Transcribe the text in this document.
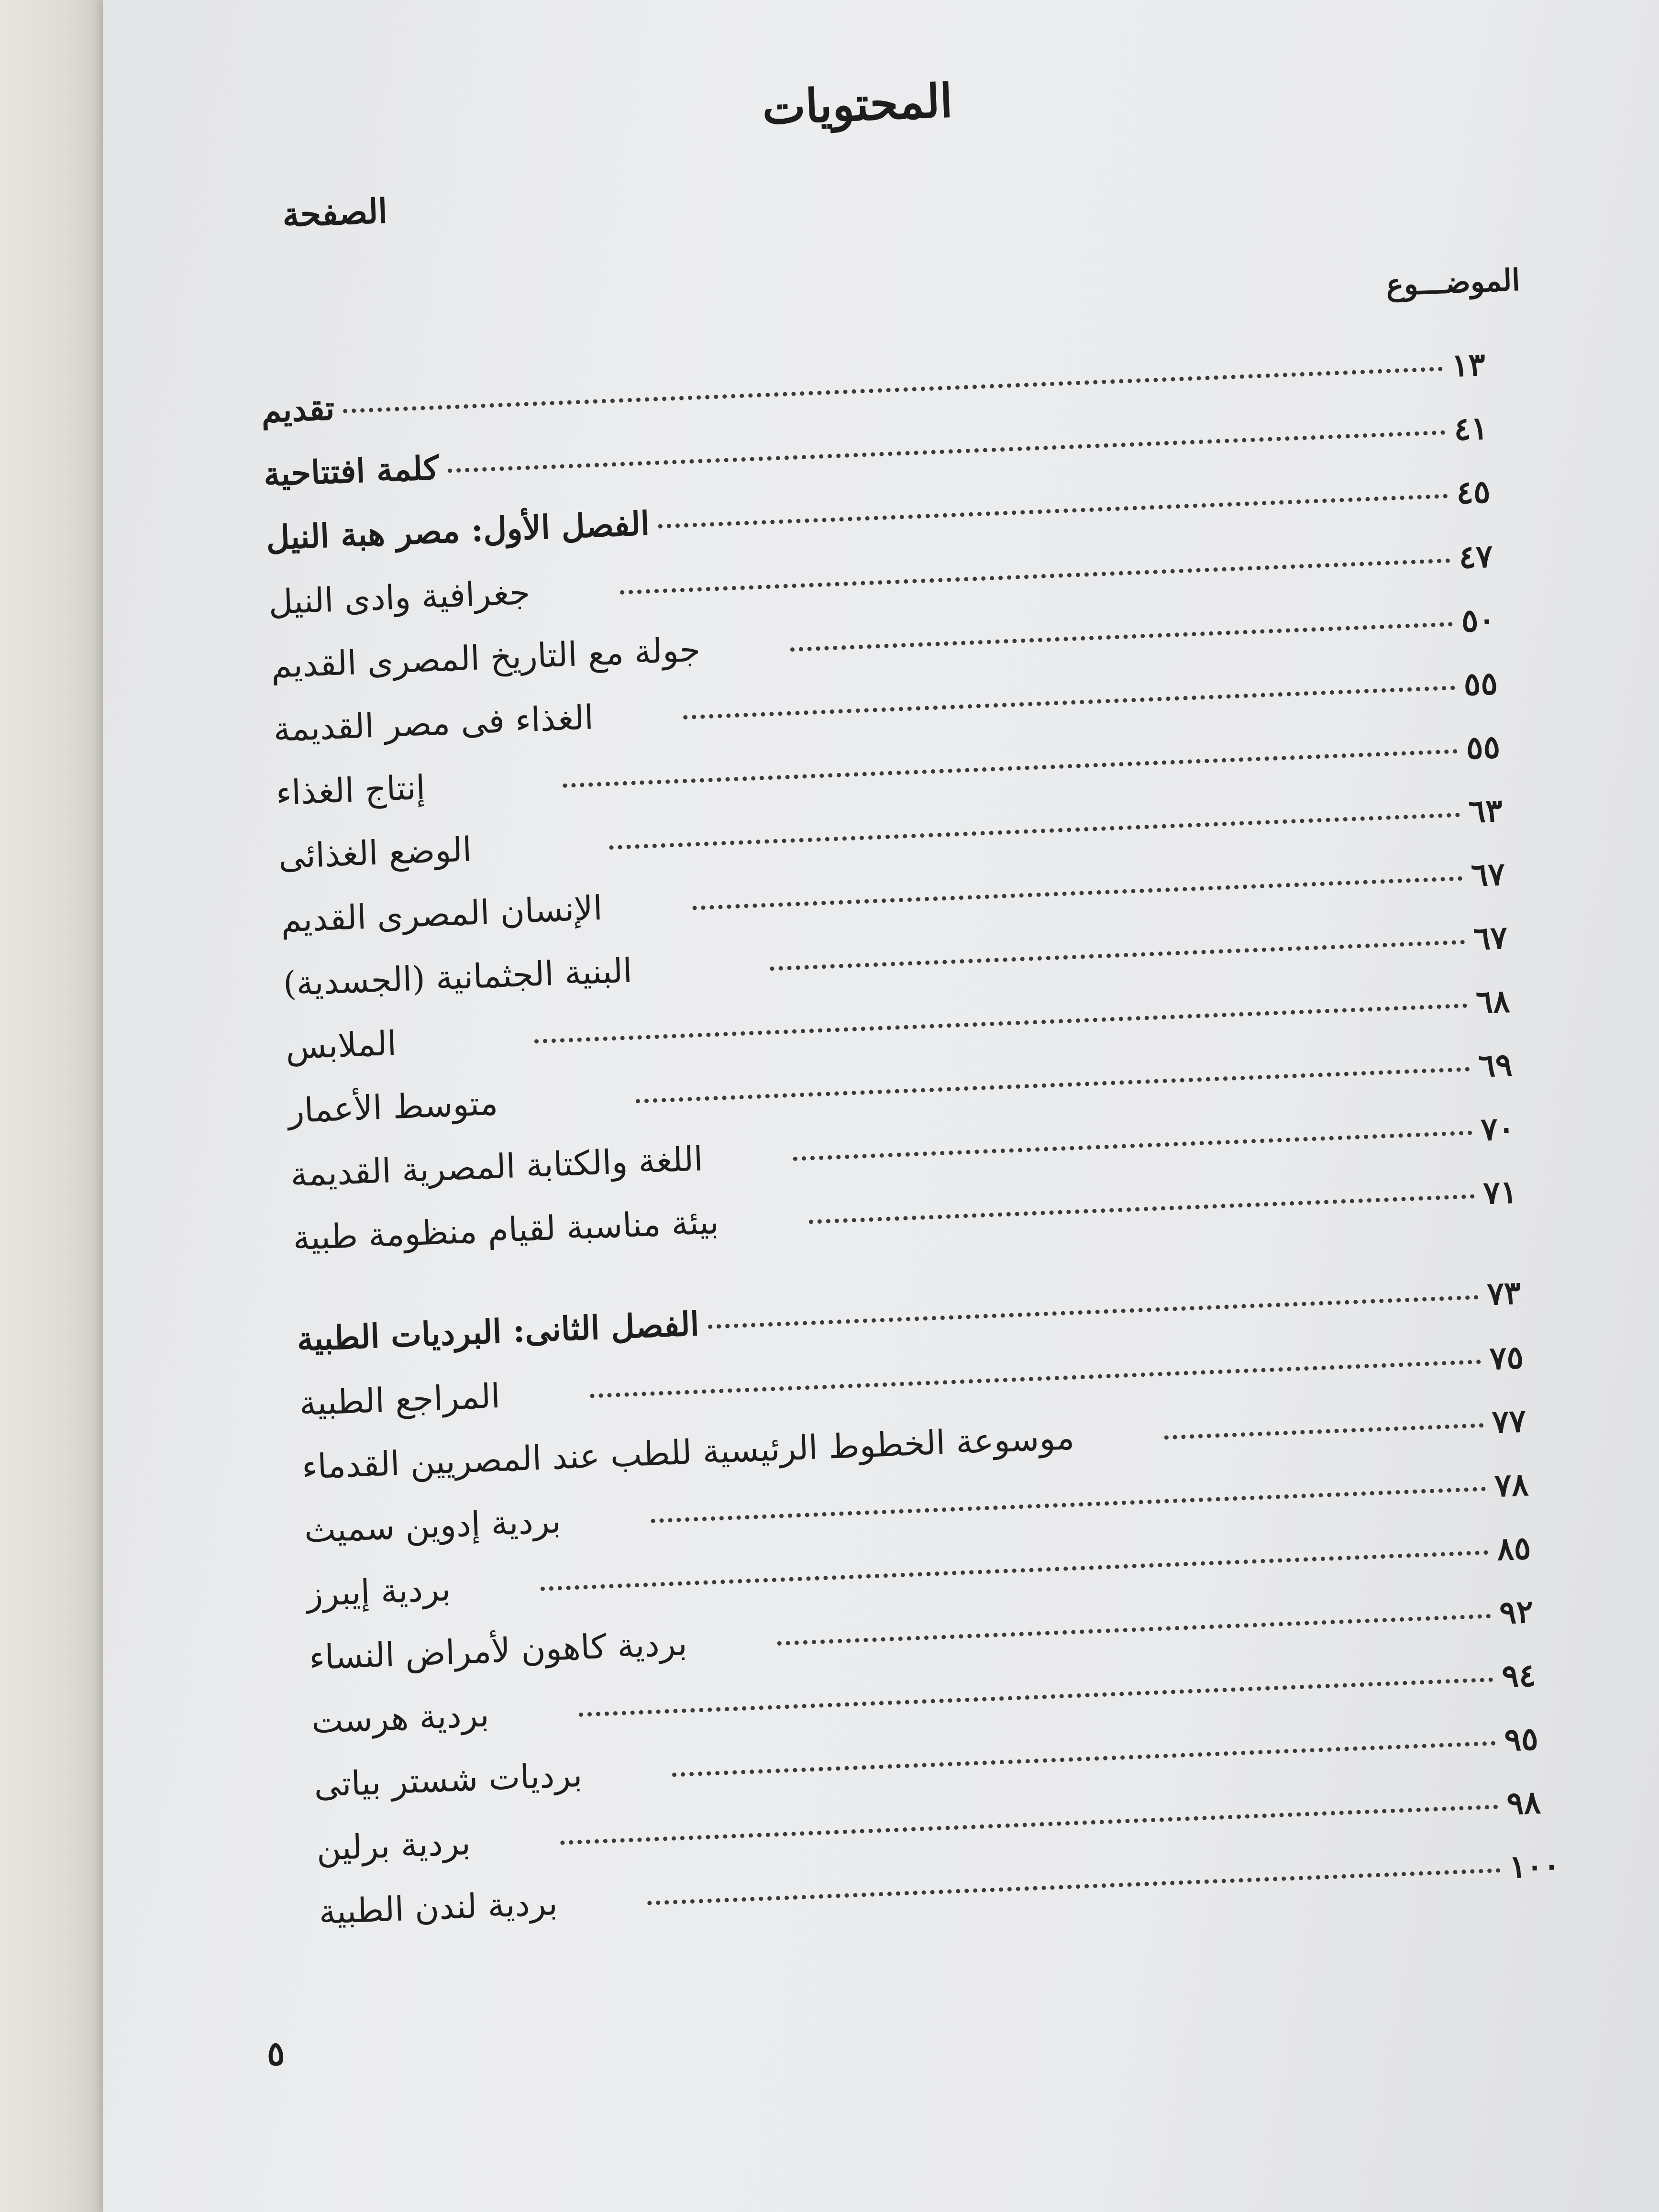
المحتويات
الصفحة
الموضـــوع
تقديم
١٣
كلمة افتتاحية
٤١
الفصل الأول: مصر هبة النيل
٤٥
جغرافية وادى النيل
٤٧
جولة مع التاريخ المصرى القديم
٥٠
الغذاء فى مصر القديمة
٥٥
إنتاج الغذاء
٥٥
الوضع الغذائى
٦٣
الإنسان المصرى القديم
٦٧
البنية الجثمانية (الجسدية)
٦٧
الملابس
٦٨
متوسط الأعمار
٦٩
اللغة والكتابة المصرية القديمة
٧٠
بيئة مناسبة لقيام منظومة طبية
٧١
الفصل الثانى: البرديات الطبية
٧٣
المراجع الطبية
٧٥
موسوعة الخطوط الرئيسية للطب عند المصريين القدماء	٧٧
بردية إدوين سميث
٧٨
بردية إيبرز
٨٥
بردية كاهون لأمراض النساء
٩٢
بردية هرست
٩٤
برديات شستر بياتى
٩٥
بردية برلين
٩٨
بردية لندن الطبية
١٠٠
٥
